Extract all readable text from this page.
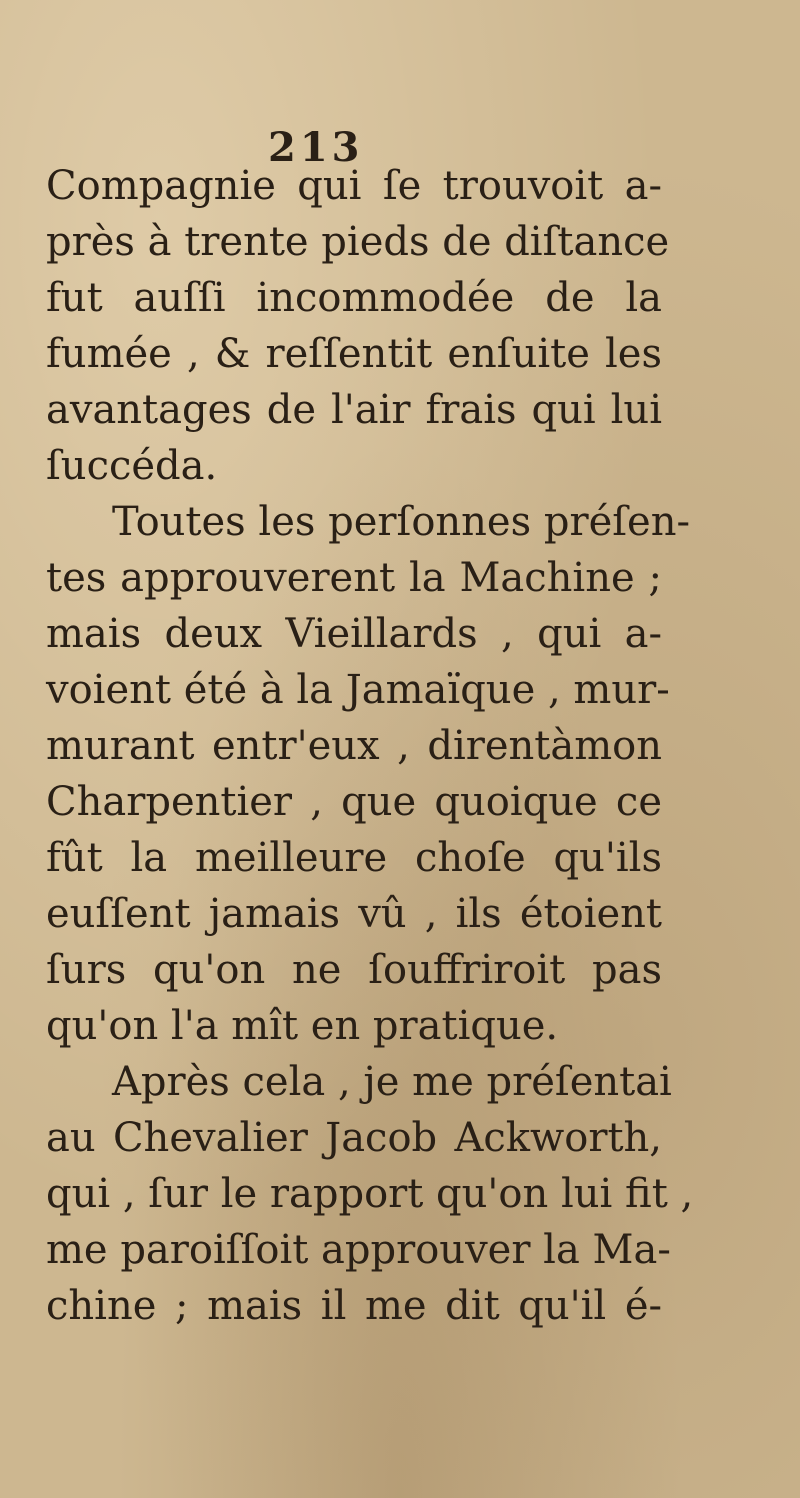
213
Compagnie qui ſe trouvoit a-
près à trente pieds de diſtance
fut auſſi incommodée de la
fumée , & reſſentit enſuite les
avantages de l'air frais qui lui
ſuccéda.
Toutes les perſonnes préſen-
tes approuverent la Machine ;
mais deux Vieillards , qui a-
voient été à la Jamaïque , mur-
murant entr'eux , direntàmon
Charpentier , que quoique ce
fût la meilleure choſe qu'ils
euſſent jamais vû , ils étoient
ſurs qu'on ne ſouffriroit pas
qu'on l'a mît en pratique.
Après cela , je me préſentai
au Chevalier Jacob Ackworth,
qui , ſur le rapport qu'on lui fit ,
me paroiſſoit approuver la Ma-
chine ; mais il me dit qu'il é-
